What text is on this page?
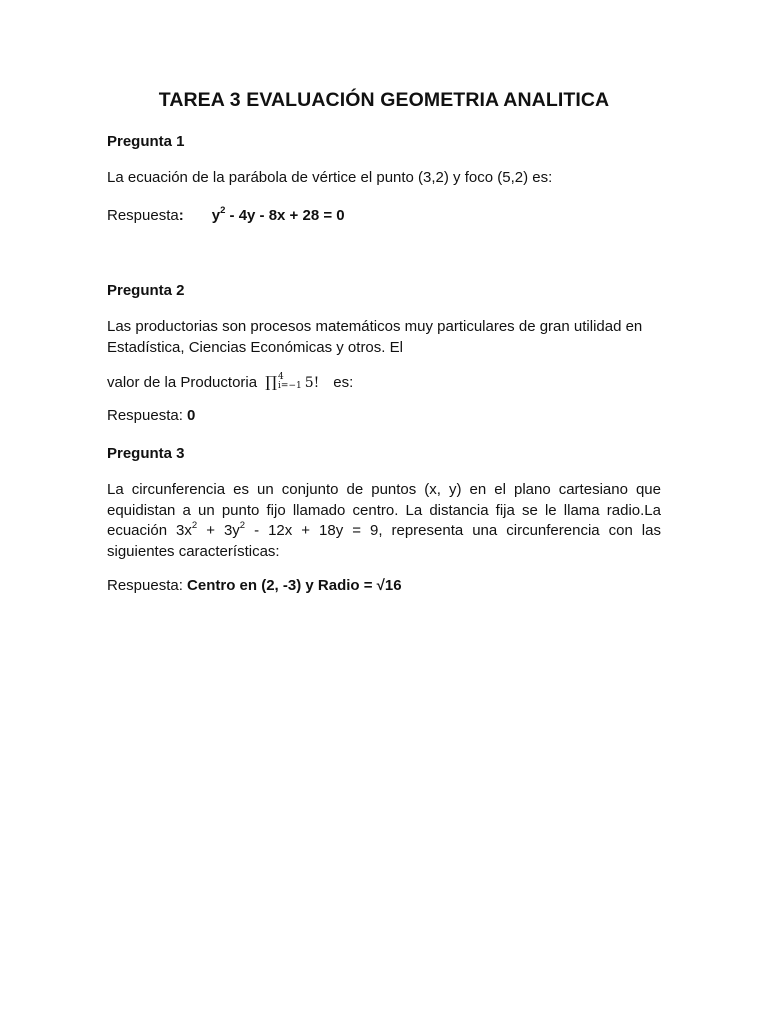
TAREA 3 EVALUACIÓN GEOMETRIA ANALITICA
Pregunta 1
La ecuación de la parábola de vértice el punto (3,2) y foco (5,2) es:
Respuesta: $y^2 - 4y - 8x + 28 = 0$
Pregunta 2
Las productorias son procesos matemáticos muy particulares de gran utilidad en
Estadística, Ciencias Económicas y otros. El
valor de la Productoria ∏ 4
i=−1 5! es:
Respuesta: 0
Pregunta 3
La circunferencia es un conjunto de puntos (x, y) en el plano cartesiano que equidistan a un punto fijo llamado centro. La distancia fija se le llama radio.La ecuación $3x^2 + 3y^2 - 12x + 18y = 9$, representa una circunferencia con las siguientes características:
Respuesta: Centro en (2, -3) y Radio = √16
